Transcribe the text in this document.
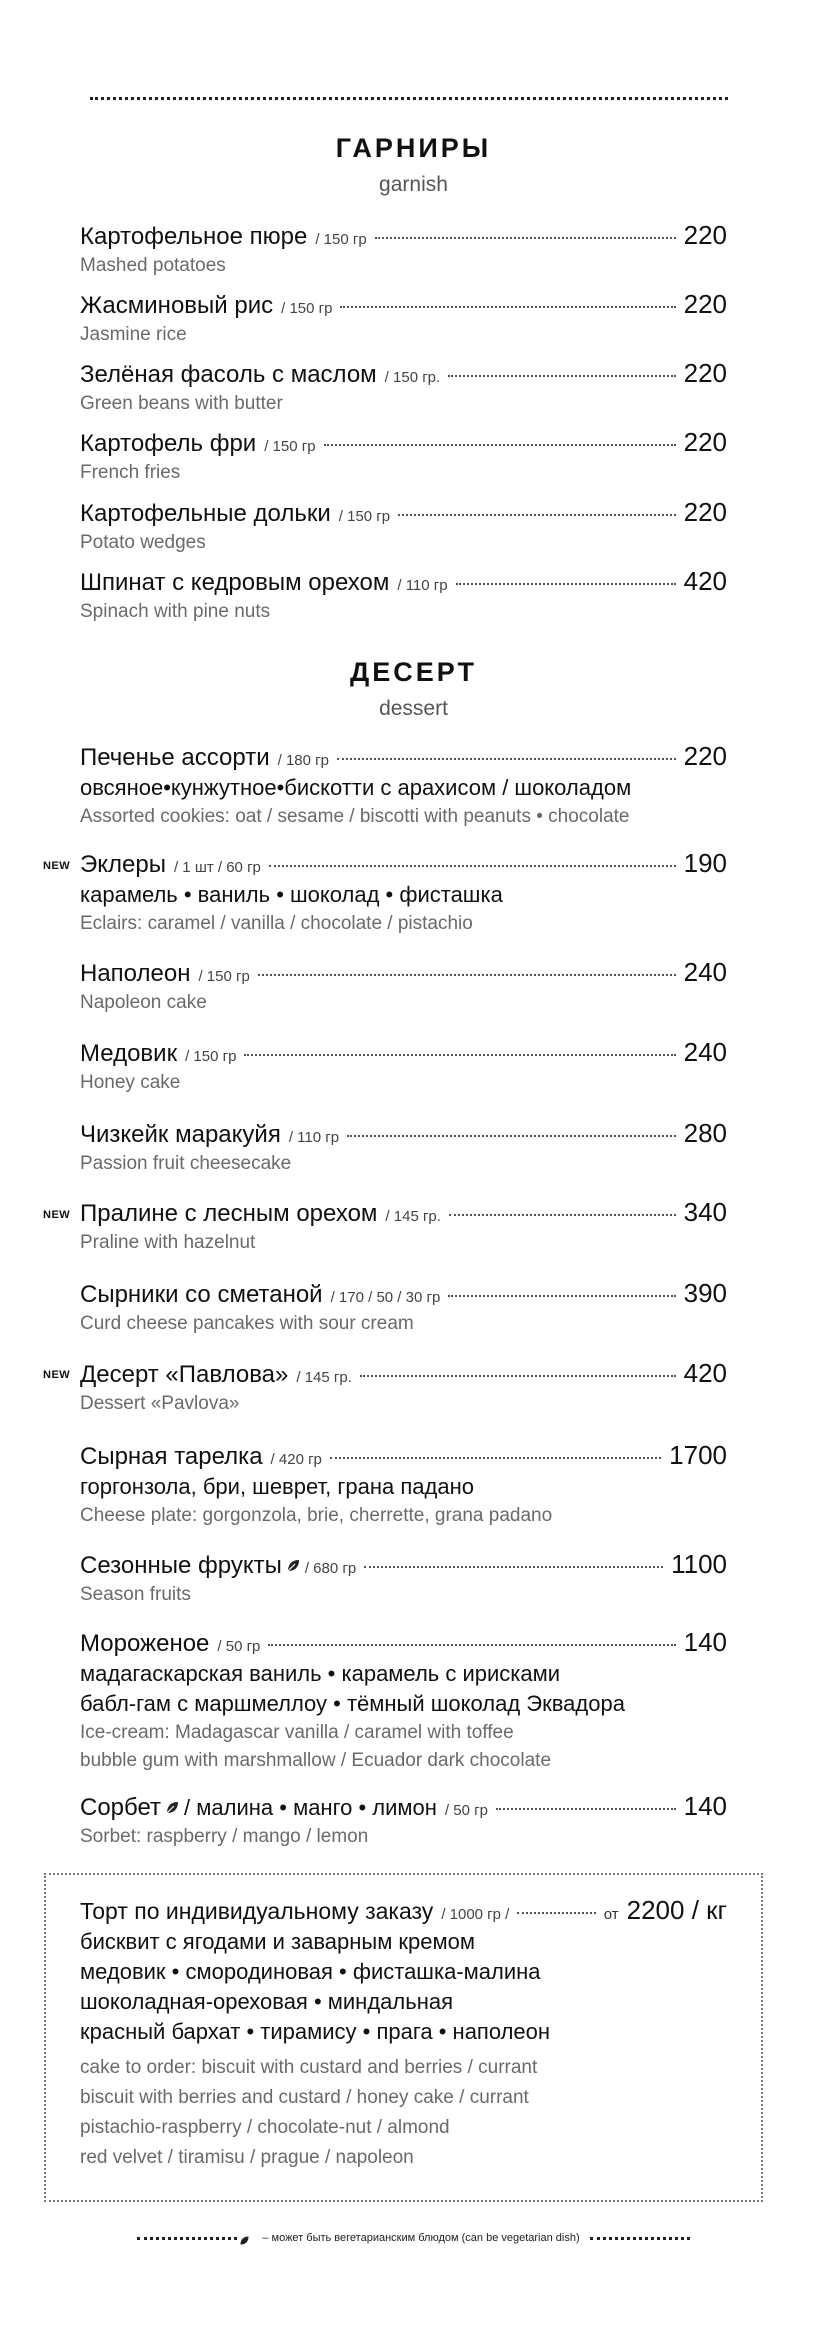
ГАРНИРЫ
garnish
Картофельное пюре / 150 гр	220
Mashed potatoes
Жасминовый рис / 150 гр	220
Jasmine rice
Зелёная фасоль с маслом / 150 гр.	220
Green beans with butter
Картофель фри / 150 гр	220
French fries
Картофельные дольки / 150 гр	220
Potato wedges
Шпинат с кедровым орехом / 110 гр	420
Spinach with pine nuts
ДЕСЕРТ
dessert
Печенье ассорти / 180 гр	220
овсяное•кунжутное•бискотти с арахисом / шоколадом
Assorted cookies: oat / sesame / biscotti with peanuts • chocolate
NEW Эклеры / 1 шт / 60 гр	190
карамель • ваниль • шоколад • фисташка
Eclairs: caramel / vanilla / chocolate / pistachio
Наполеон / 150 гр	240
Napoleon cake
Медовик / 150 гр	240
Honey cake
Чизкейк маракуйя / 110 гр	280
Passion fruit cheesecake
NEW Пралине с лесным орехом / 145 гр.	340
Praline with hazelnut
Сырники со сметаной / 170 / 50 / 30 гр	390
Curd cheese pancakes with sour cream
NEW Десерт «Павлова» / 145 гр.	420
Dessert «Pavlova»
Сырная тарелка / 420 гр	1700
горгонзола, бри, шеврет, грана падано
Cheese plate: gorgonzola, brie, cherrette, grana padano
Сезонные фрукты / 680 гр	1100
Season fruits
Мороженое / 50 гр	140
мадагаскарская ваниль • карамель с ирисками
бабл-гам с маршмеллоу • тёмный шоколад Эквадора
Ice-cream: Madagascar vanilla / caramel with toffee
bubble gum with marshmallow / Ecuador dark chocolate
Сорбет / малина • манго • лимон / 50 гр	140
Sorbet: raspberry / mango / lemon
Торт по индивидуальному заказу / 1000 гр /	от 2200 / кг
бисквит с ягодами и заварным кремом
медовик • смородиновая • фисташка-малина
шоколадная-ореховая • миндальная
красный бархат • тирамису • прага • наполеон
cake to order: biscuit with custard and berries / currant
biscuit with berries and custard / honey cake / currant
pistachio-raspberry / chocolate-nut / almond
red velvet / tiramisu / prague / napoleon
– может быть вегетарианским блюдом (can be vegetarian dish)
